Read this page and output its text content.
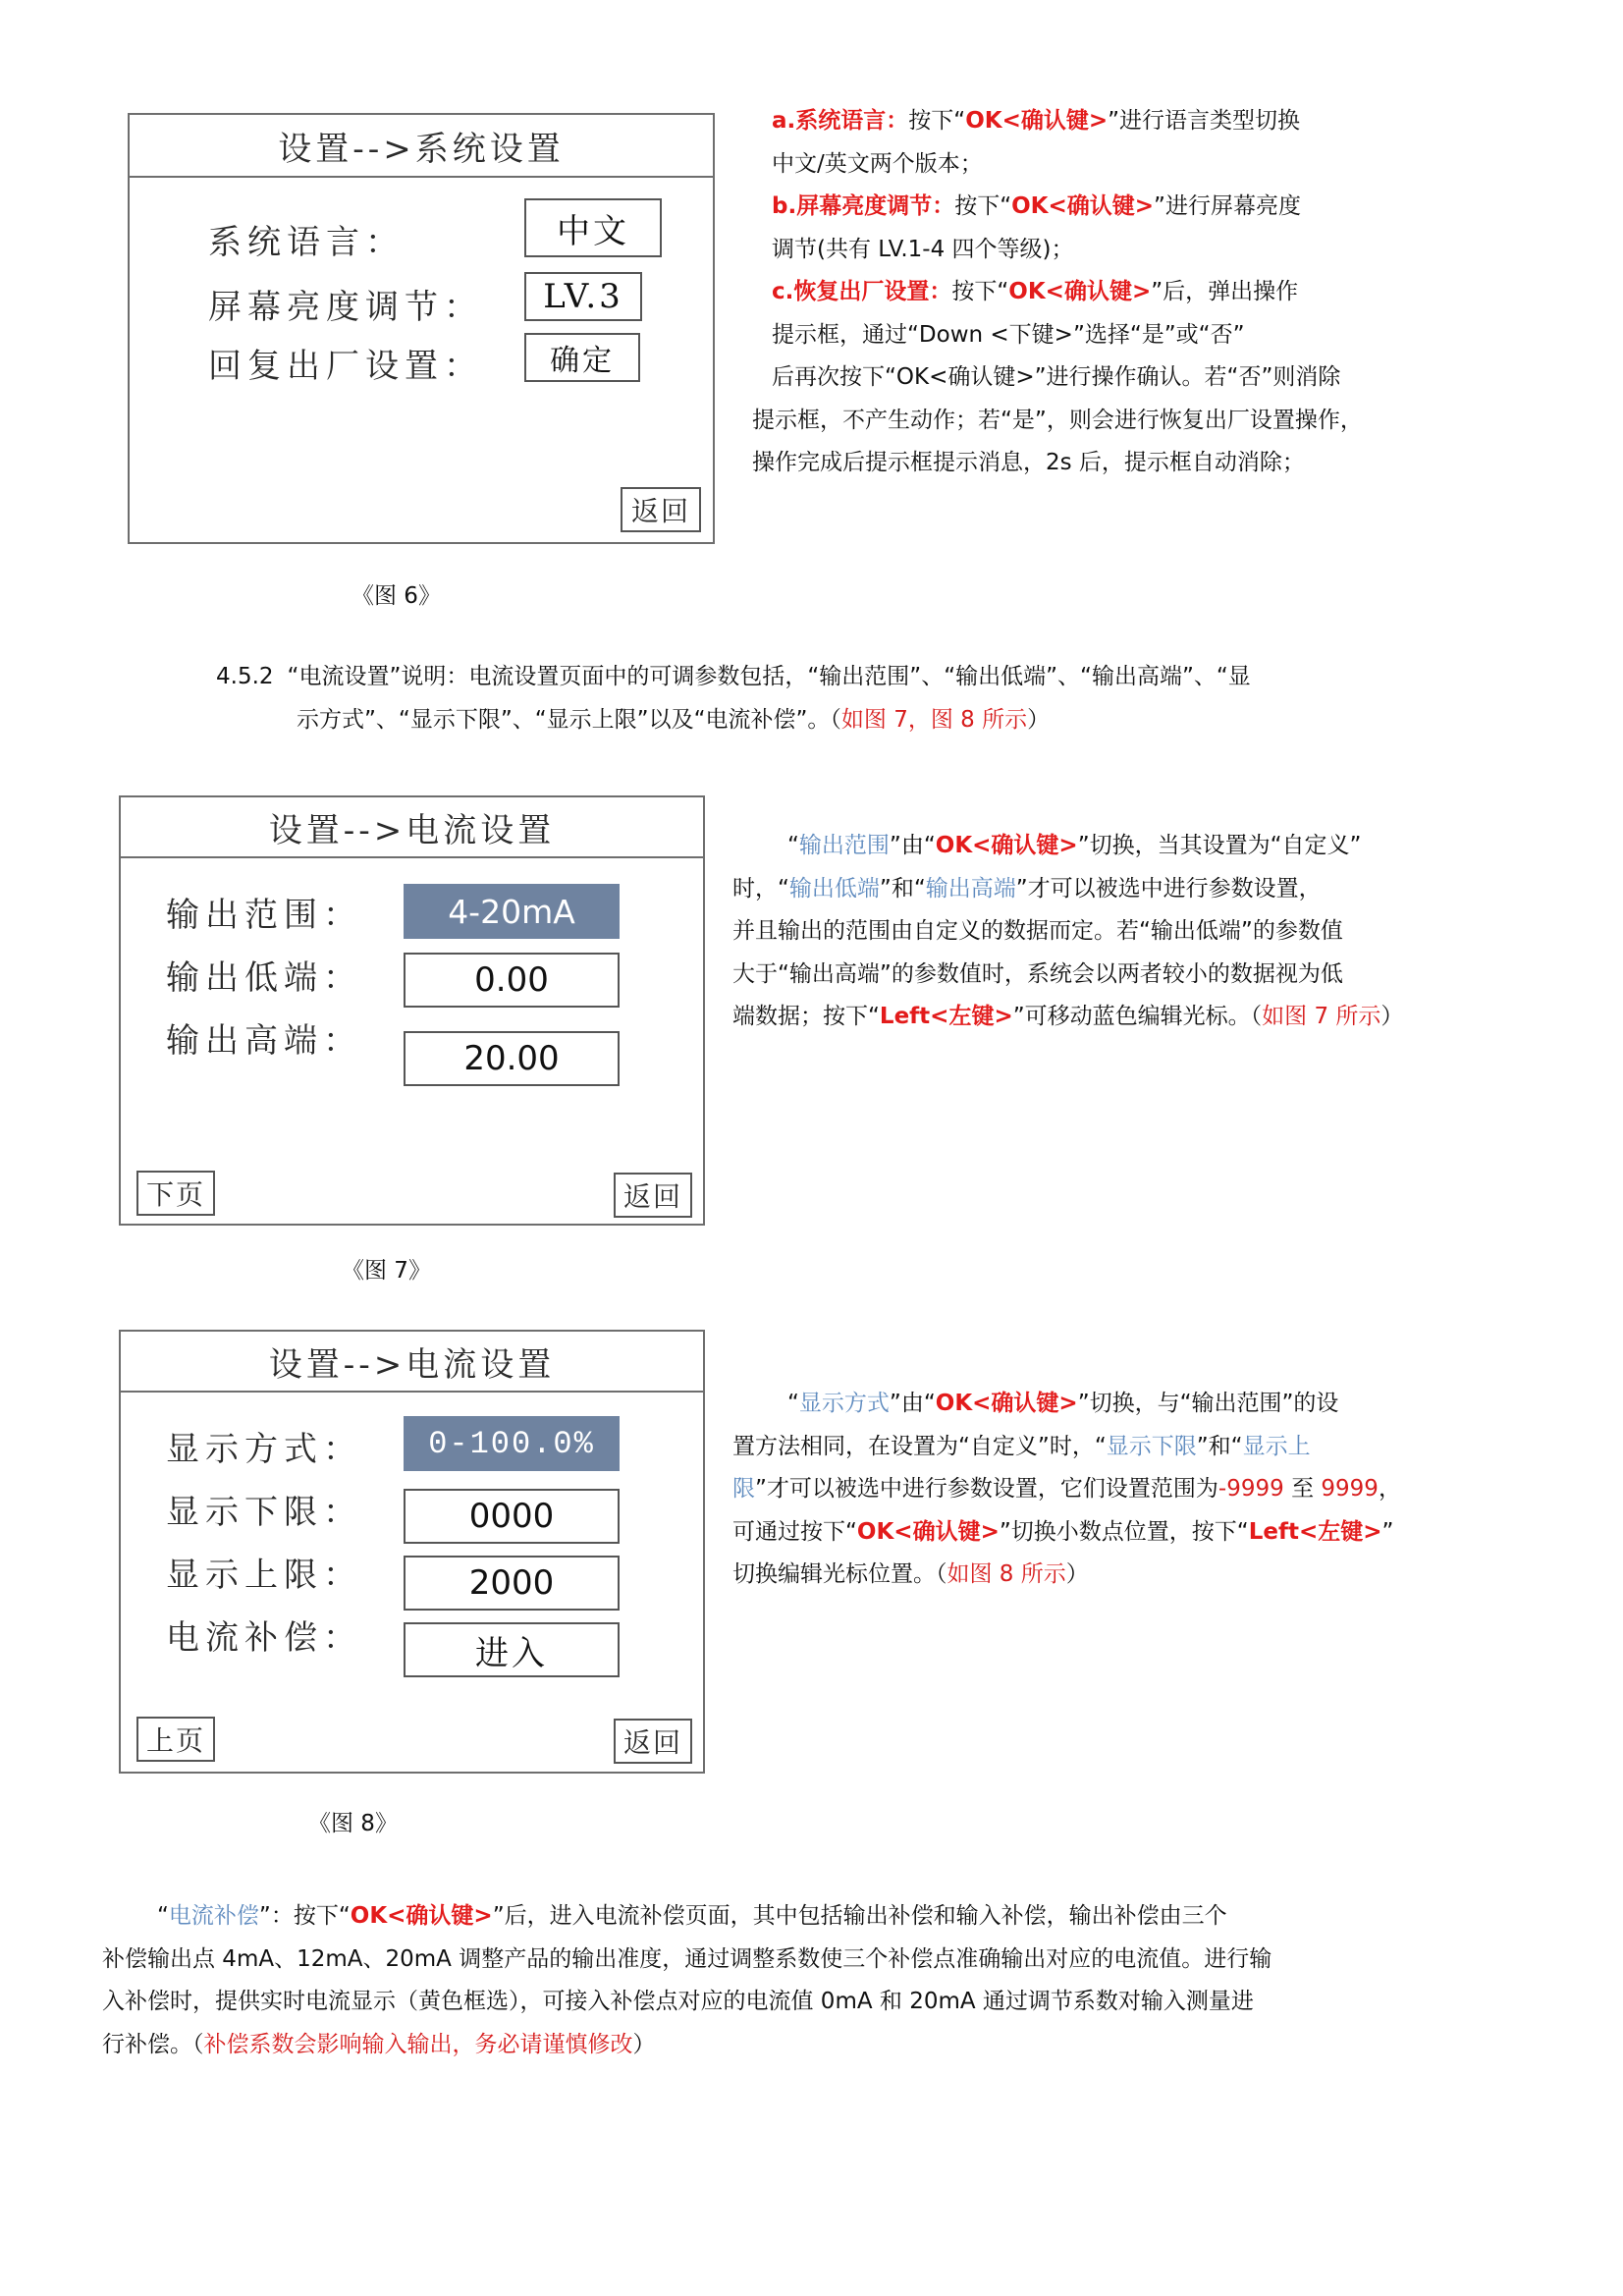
设置-->系统设置
系统语言：	中文
屏幕亮度调节：	LV.3
回复出厂设置：	确定
返回
《图 6》
a.系统语言：按下“OK<确认键>”进行语言类型切换
中文/英文两个版本；
b.屏幕亮度调节：按下“OK<确认键>”进行屏幕亮度
调节(共有 LV.1-4 四个等级)；
c.恢复出厂设置：按下“OK<确认键>”后，弹出操作
提示框，通过“Down <下键>”选择“是”或“否”
后再次按下“OK<确认键>”进行操作确认。若“否”则消除
提示框，不产生动作；若“是”，则会进行恢复出厂设置操作，
操作完成后提示框提示消息，2s 后，提示框自动消除；
4.5.2 “电流设置”说明：电流设置页面中的可调参数包括，“输出范围”、“输出低端”、“输出高端”、“显
示方式”、“显示下限”、“显示上限”以及“电流补偿”。（如图 7，图 8 所示）
设置-->电流设置
输出范围：	4-20mA
输出低端：	0.00
输出高端：	20.00
下页	返回
《图 7》
“输出范围”由“OK<确认键>”切换，当其设置为“自定义”
时，“输出低端”和“输出高端”才可以被选中进行参数设置，
并且输出的范围由自定义的数据而定。若“输出低端”的参数值
大于“输出高端”的参数值时，系统会以两者较小的数据视为低
端数据；按下“Left<左键>”可移动蓝色编辑光标。（如图 7 所示）
设置-->电流设置
显示方式：	0-100.0%
显示下限：	0000
显示上限：	2000
电流补偿：	进入
上页	返回
《图 8》
“显示方式”由“OK<确认键>”切换，与“输出范围”的设
置方法相同，在设置为“自定义”时，“显示下限”和“显示上
限”才可以被选中进行参数设置，它们设置范围为-9999 至 9999，
可通过按下“OK<确认键>”切换小数点位置，按下“Left<左键>”
切换编辑光标位置。（如图 8 所示）
“电流补偿”：按下“OK<确认键>”后，进入电流补偿页面，其中包括输出补偿和输入补偿，输出补偿由三个
补偿输出点 4mA、12mA、20mA 调整产品的输出准度，通过调整系数使三个补偿点准确输出对应的电流值。进行输
入补偿时，提供实时电流显示（黄色框选），可接入补偿点对应的电流值 0mA 和 20mA 通过调节系数对输入测量进
行补偿。（补偿系数会影响输入输出，务必请谨慎修改）
